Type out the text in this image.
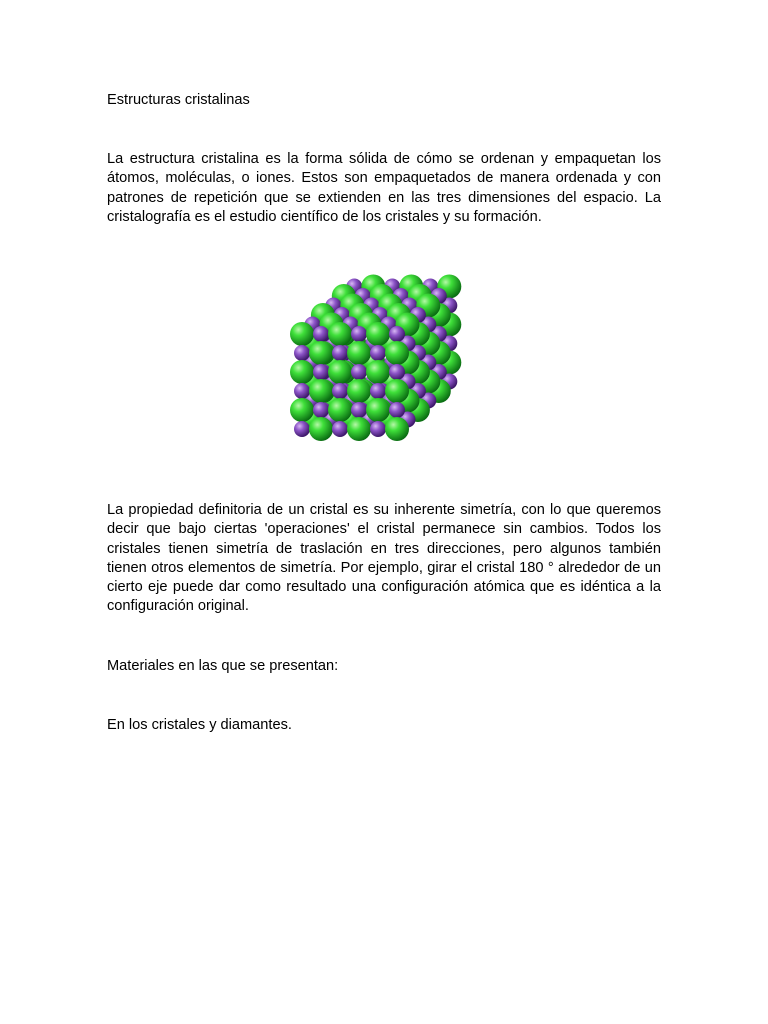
Estructuras cristalinas

La estructura cristalina es la forma sólida de cómo se ordenan y empaquetan los átomos, moléculas, o iones. Estos son empaquetados de manera ordenada y con patrones de repetición que se extienden en las tres dimensiones del espacio. La cristalografía es el estudio científico de los cristales y su formación.

La propiedad definitoria de un cristal es su inherente simetría, con lo que queremos decir que bajo ciertas 'operaciones' el cristal permanece sin cambios. Todos los cristales tienen simetría de traslación en tres direcciones, pero algunos también tienen otros elementos de simetría. Por ejemplo, girar el cristal 180 ° alrededor de un cierto eje puede dar como resultado una configuración atómica que es idéntica a la configuración original.

Materiales en las que se presentan:

En los cristales y diamantes.
